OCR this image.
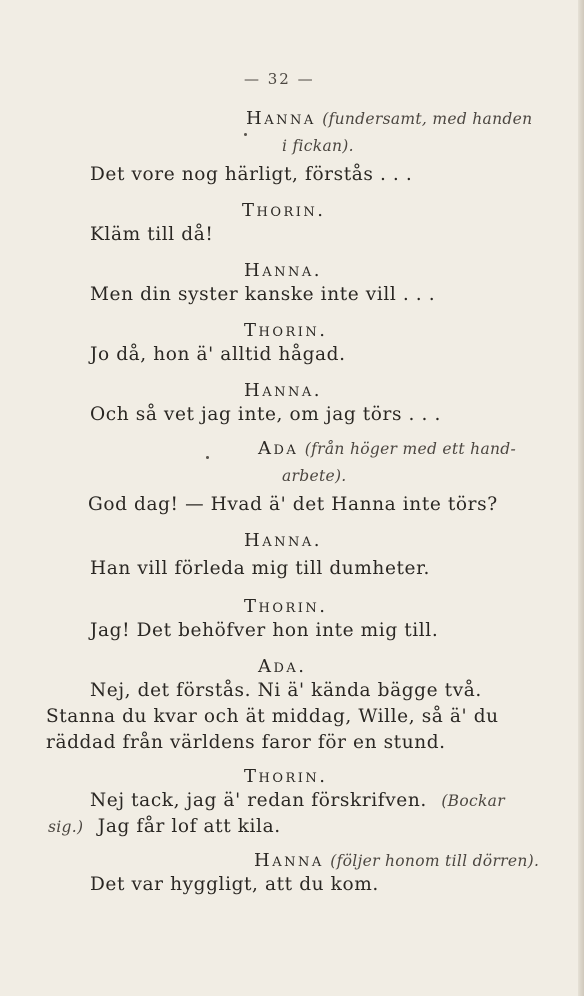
— 32 —
Hanna (fundersamt, med handen
i fickan).
Det vore nog härligt, förstås . . .
Thorin.
Kläm till då!
Hanna.
Men din syster kanske inte vill . . .
Thorin.
Jo då, hon ä' alltid hågad.
Hanna.
Och så vet jag inte, om jag törs . . .
Ada (från höger med ett hand-
arbete).
God dag! — Hvad ä' det Hanna inte törs?
Hanna.
Han vill förleda mig till dumheter.
Thorin.
Jag! Det behöfver hon inte mig till.
Ada.
Nej, det förstås. Ni ä' kända bägge två.
Stanna du kvar och ät middag, Wille, så ä' du
räddad från världens faror för en stund.
Thorin.
Nej tack, jag ä' redan förskrifven. (Bockar
sig.) Jag får lof att kila.
Hanna (följer honom till dörren).
Det var hyggligt, att du kom.
